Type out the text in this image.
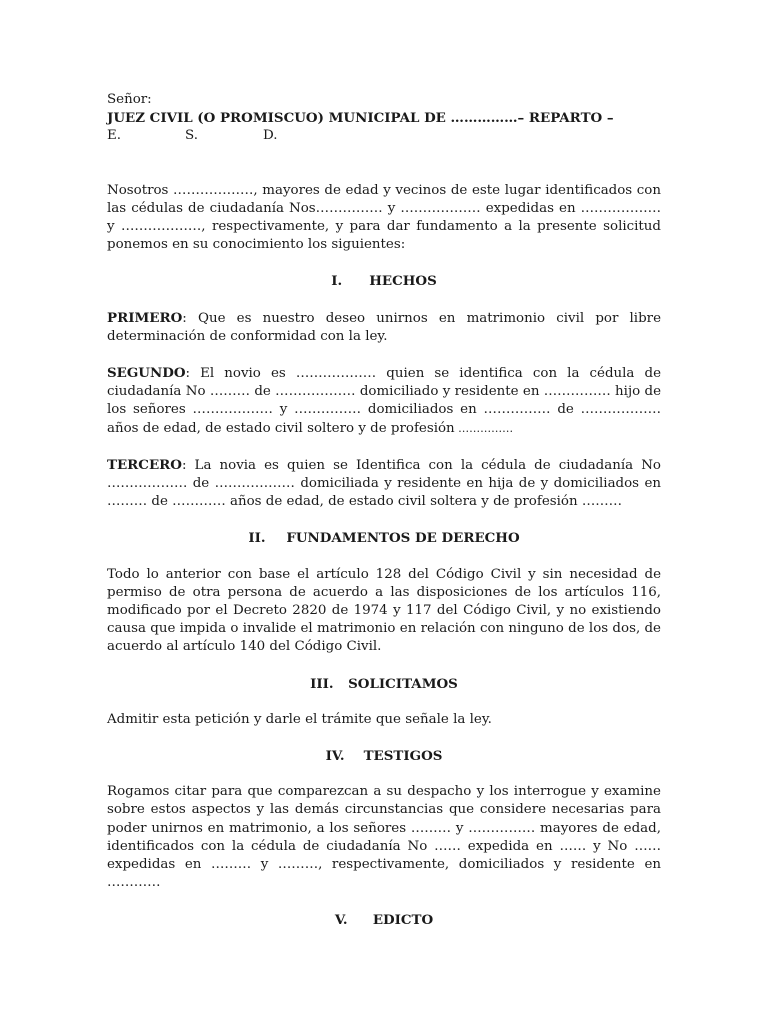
Señor:
JUEZ CIVIL (O PROMISCUO) MUNICIPAL DE ……………– REPARTO –
E.	S.	D.

Nosotros ………………, mayores de edad y vecinos de este lugar identificados con las cédulas de ciudadanía Nos…………… y ……………… expedidas en ……………… y ………………, respectivamente, y para dar fundamento a la presente solicitud ponemos en su conocimiento los siguientes:

I.	HECHOS

PRIMERO: Que es nuestro deseo unirnos en matrimonio civil por libre determinación de conformidad con la ley.

SEGUNDO: El novio es ……………… quien se identifica con la cédula de ciudadanía No ……… de ……………… domiciliado y residente en …………… hijo de los señores ……………… y …………… domiciliados en …………… de ……………… años de edad, de estado civil soltero y de profesión ……………

TERCERO: La novia es quien se Identifica con la cédula de ciudadanía No ……………… de ……………… domiciliada y residente en hija de y domiciliados en ……… de ………… años de edad, de estado civil soltera y de profesión ………

II.	FUNDAMENTOS DE DERECHO

Todo lo anterior con base el artículo 128 del Código Civil y sin necesidad de permiso de otra persona de acuerdo a las disposiciones de los artículos 116, modificado por el Decreto 2820 de 1974 y 117 del Código Civil, y no existiendo causa que impida o invalide el matrimonio en relación con ninguno de los dos, de acuerdo al artículo 140 del Código Civil.

III.	SOLICITAMOS

Admitir esta petición y darle el trámite que señale la ley.

IV.	TESTIGOS

Rogamos citar para que comparezcan a su despacho y los interrogue y examine sobre estos aspectos y las demás circunstancias que considere necesarias para poder unirnos en matrimonio, a los señores ……… y …………… mayores de edad, identificados con la cédula de ciudadanía No …… expedida en …… y No …… expedidas en ……… y ………, respectivamente, domiciliados y residente en …………

V.	EDICTO
